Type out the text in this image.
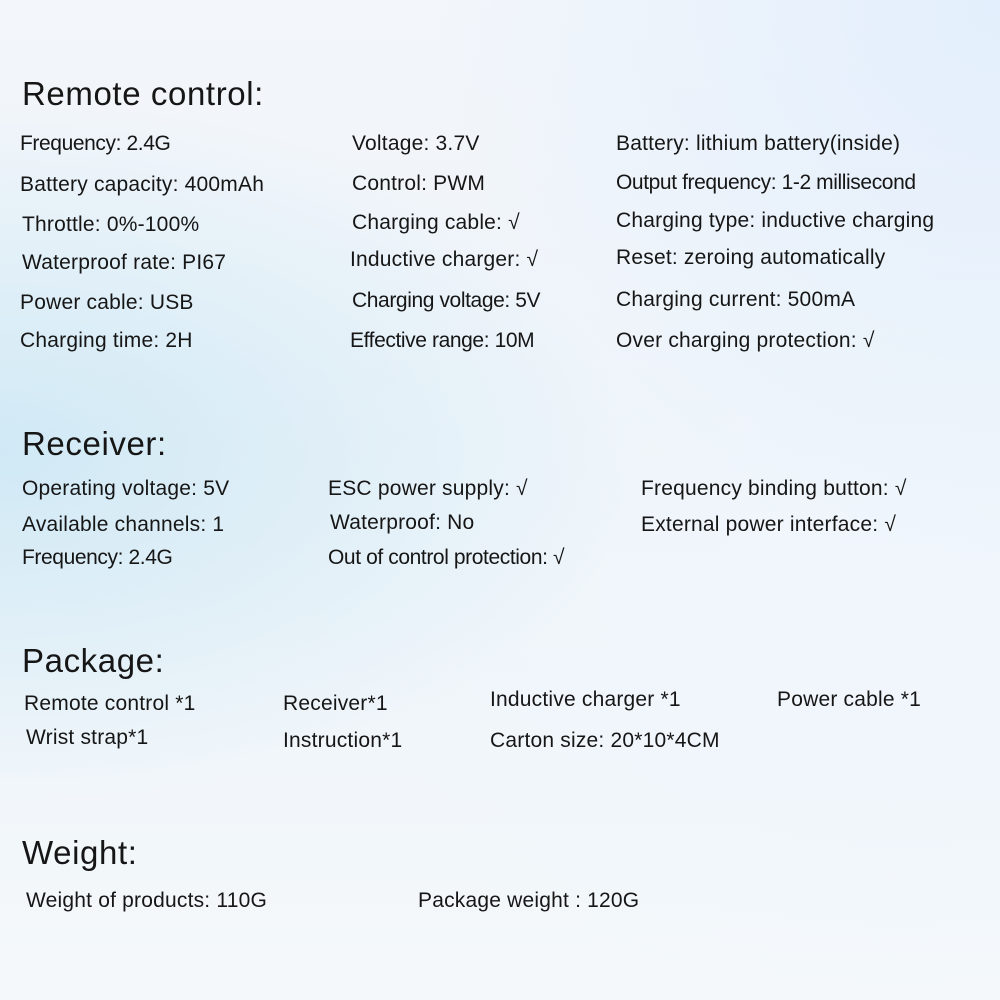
Remote control:
Frequency: 2.4G	Voltage: 3.7V	Battery: lithium battery(inside)
Battery capacity: 400mAh	Control: PWM	Output frequency: 1-2 millisecond
Throttle: 0%-100%	Charging cable: √	Charging type: inductive charging
Waterproof rate: PI67	Inductive charger: √	Reset: zeroing automatically
Power cable: USB	Charging voltage: 5V	Charging current: 500mA
Charging time: 2H	Effective range: 10M	Over charging protection: √
Receiver:
Operating voltage: 5V	ESC power supply: √	Frequency binding button: √
Available channels: 1	Waterproof: No	External power interface: √
Frequency: 2.4G	Out of control protection: √
Package:
Remote control *1	Receiver*1	Inductive charger *1	Power cable *1
Wrist strap*1	Instruction*1	Carton size: 20*10*4CM
Weight:
Weight of products: 110G	Package weight : 120G
